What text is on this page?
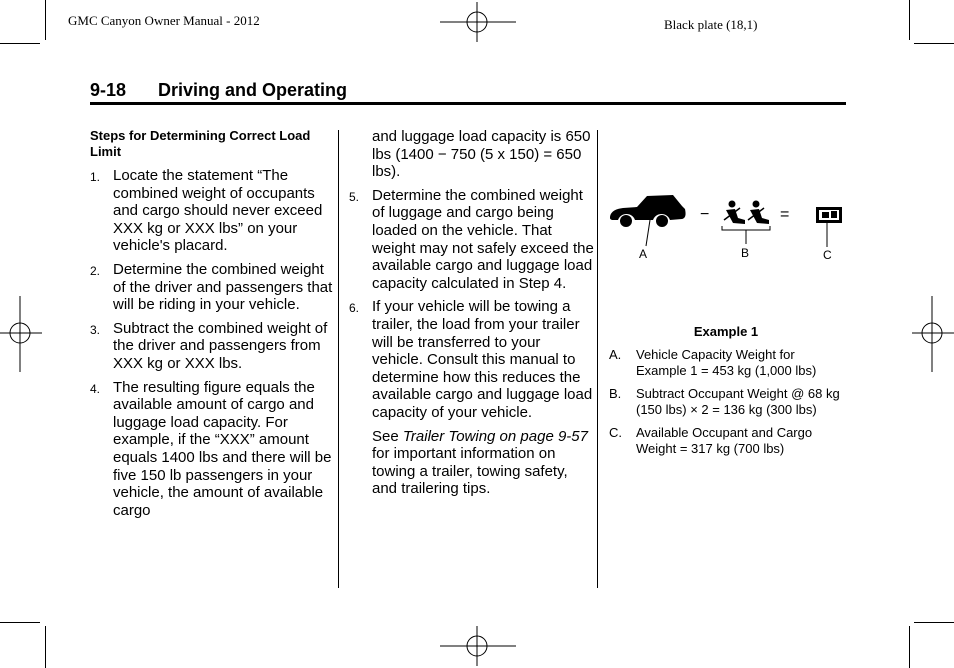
GMC Canyon Owner Manual - 2012	Black plate (18,1)
9-18 Driving and Operating
Steps for Determining Correct Load Limit
1. Locate the statement “The combined weight of occupants and cargo should never exceed XXX kg or XXX lbs” on your vehicle's placard.
2. Determine the combined weight of the driver and passengers that will be riding in your vehicle.
3. Subtract the combined weight of the driver and passengers from XXX kg or XXX lbs.
4. The resulting figure equals the available amount of cargo and luggage load capacity. For example, if the “XXX” amount equals 1400 lbs and there will be five 150 lb passengers in your vehicle, the amount of available cargo
and luggage load capacity is 650 lbs (1400 − 750 (5 x 150) = 650 lbs).
5. Determine the combined weight of luggage and cargo being loaded on the vehicle. That weight may not safely exceed the available cargo and luggage load capacity calculated in Step 4.
6. If your vehicle will be towing a trailer, the load from your trailer will be transferred to your vehicle. Consult this manual to determine how this reduces the available cargo and luggage load capacity of your vehicle.
See Trailer Towing on page 9-57 for important information on towing a trailer, towing safety, and trailering tips.
−	=
A	B	C
Example 1
A. Vehicle Capacity Weight for Example 1 = 453 kg (1,000 lbs)
B. Subtract Occupant Weight @ 68 kg (150 lbs) × 2 = 136 kg (300 lbs)
C. Available Occupant and Cargo Weight = 317 kg (700 lbs)
